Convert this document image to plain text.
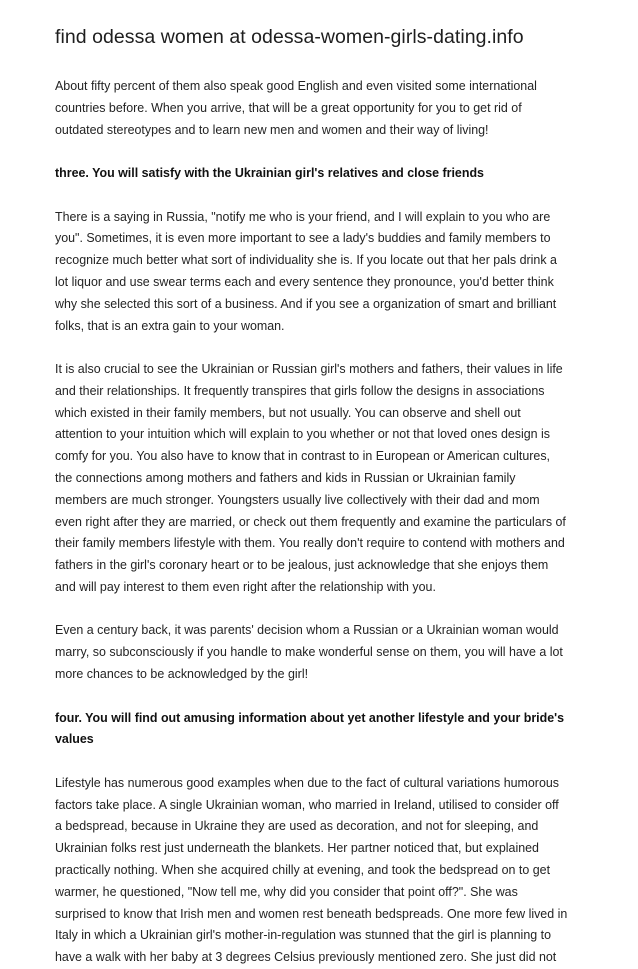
find odessa women at odessa-women-girls-dating.info

About fifty percent of them also speak good English and even visited some international
countries before. When you arrive, that will be a great opportunity for you to get rid of
outdated stereotypes and to learn new men and women and their way of living!

three. You will satisfy with the Ukrainian girl's relatives and close friends

There is a saying in Russia, "notify me who is your friend, and I will explain to you who are
you". Sometimes, it is even more important to see a lady's buddies and family members to
recognize much better what sort of individuality she is. If you locate out that her pals drink a
lot liquor and use swear terms each and every sentence they pronounce, you'd better think
why she selected this sort of a business. And if you see a organization of smart and brilliant
folks, that is an extra gain to your woman.

It is also crucial to see the Ukrainian or Russian girl's mothers and fathers, their values in life
and their relationships. It frequently transpires that girls follow the designs in associations
which existed in their family members, but not usually. You can observe and shell out
attention to your intuition which will explain to you whether or not that loved ones design is
comfy for you. You also have to know that in contrast to in European or American cultures,
the connections among mothers and fathers and kids in Russian or Ukrainian family
members are much stronger. Youngsters usually live collectively with their dad and mom
even right after they are married, or check out them frequently and examine the particulars of
their family members lifestyle with them. You really don't require to contend with mothers and
fathers in the girl's coronary heart or to be jealous, just acknowledge that she enjoys them
and will pay interest to them even right after the relationship with you.

Even a century back, it was parents' decision whom a Russian or a Ukrainian woman would
marry, so subconsciously if you handle to make wonderful sense on them, you will have a lot
more chances to be acknowledged by the girl!

four. You will find out amusing information about yet another lifestyle and your bride's
values

Lifestyle has numerous good examples when due to the fact of cultural variations humorous
factors take place. A single Ukrainian woman, who married in Ireland, utilised to consider off
a bedspread, because in Ukraine they are used as decoration, and not for sleeping, and
Ukrainian folks rest just underneath the blankets. Her partner noticed that, but explained
practically nothing. When she acquired chilly at evening, and took the bedspread on to get
warmer, he questioned, "Now tell me, why did you consider that point off?". She was
surprised to know that Irish men and women rest beneath bedspreads. One more few lived in
Italy in which a Ukrainian girl's mother-in-regulation was stunned that the girl is planning to
have a walk with her baby at 3 degrees Celsius previously mentioned zero. She just did not
